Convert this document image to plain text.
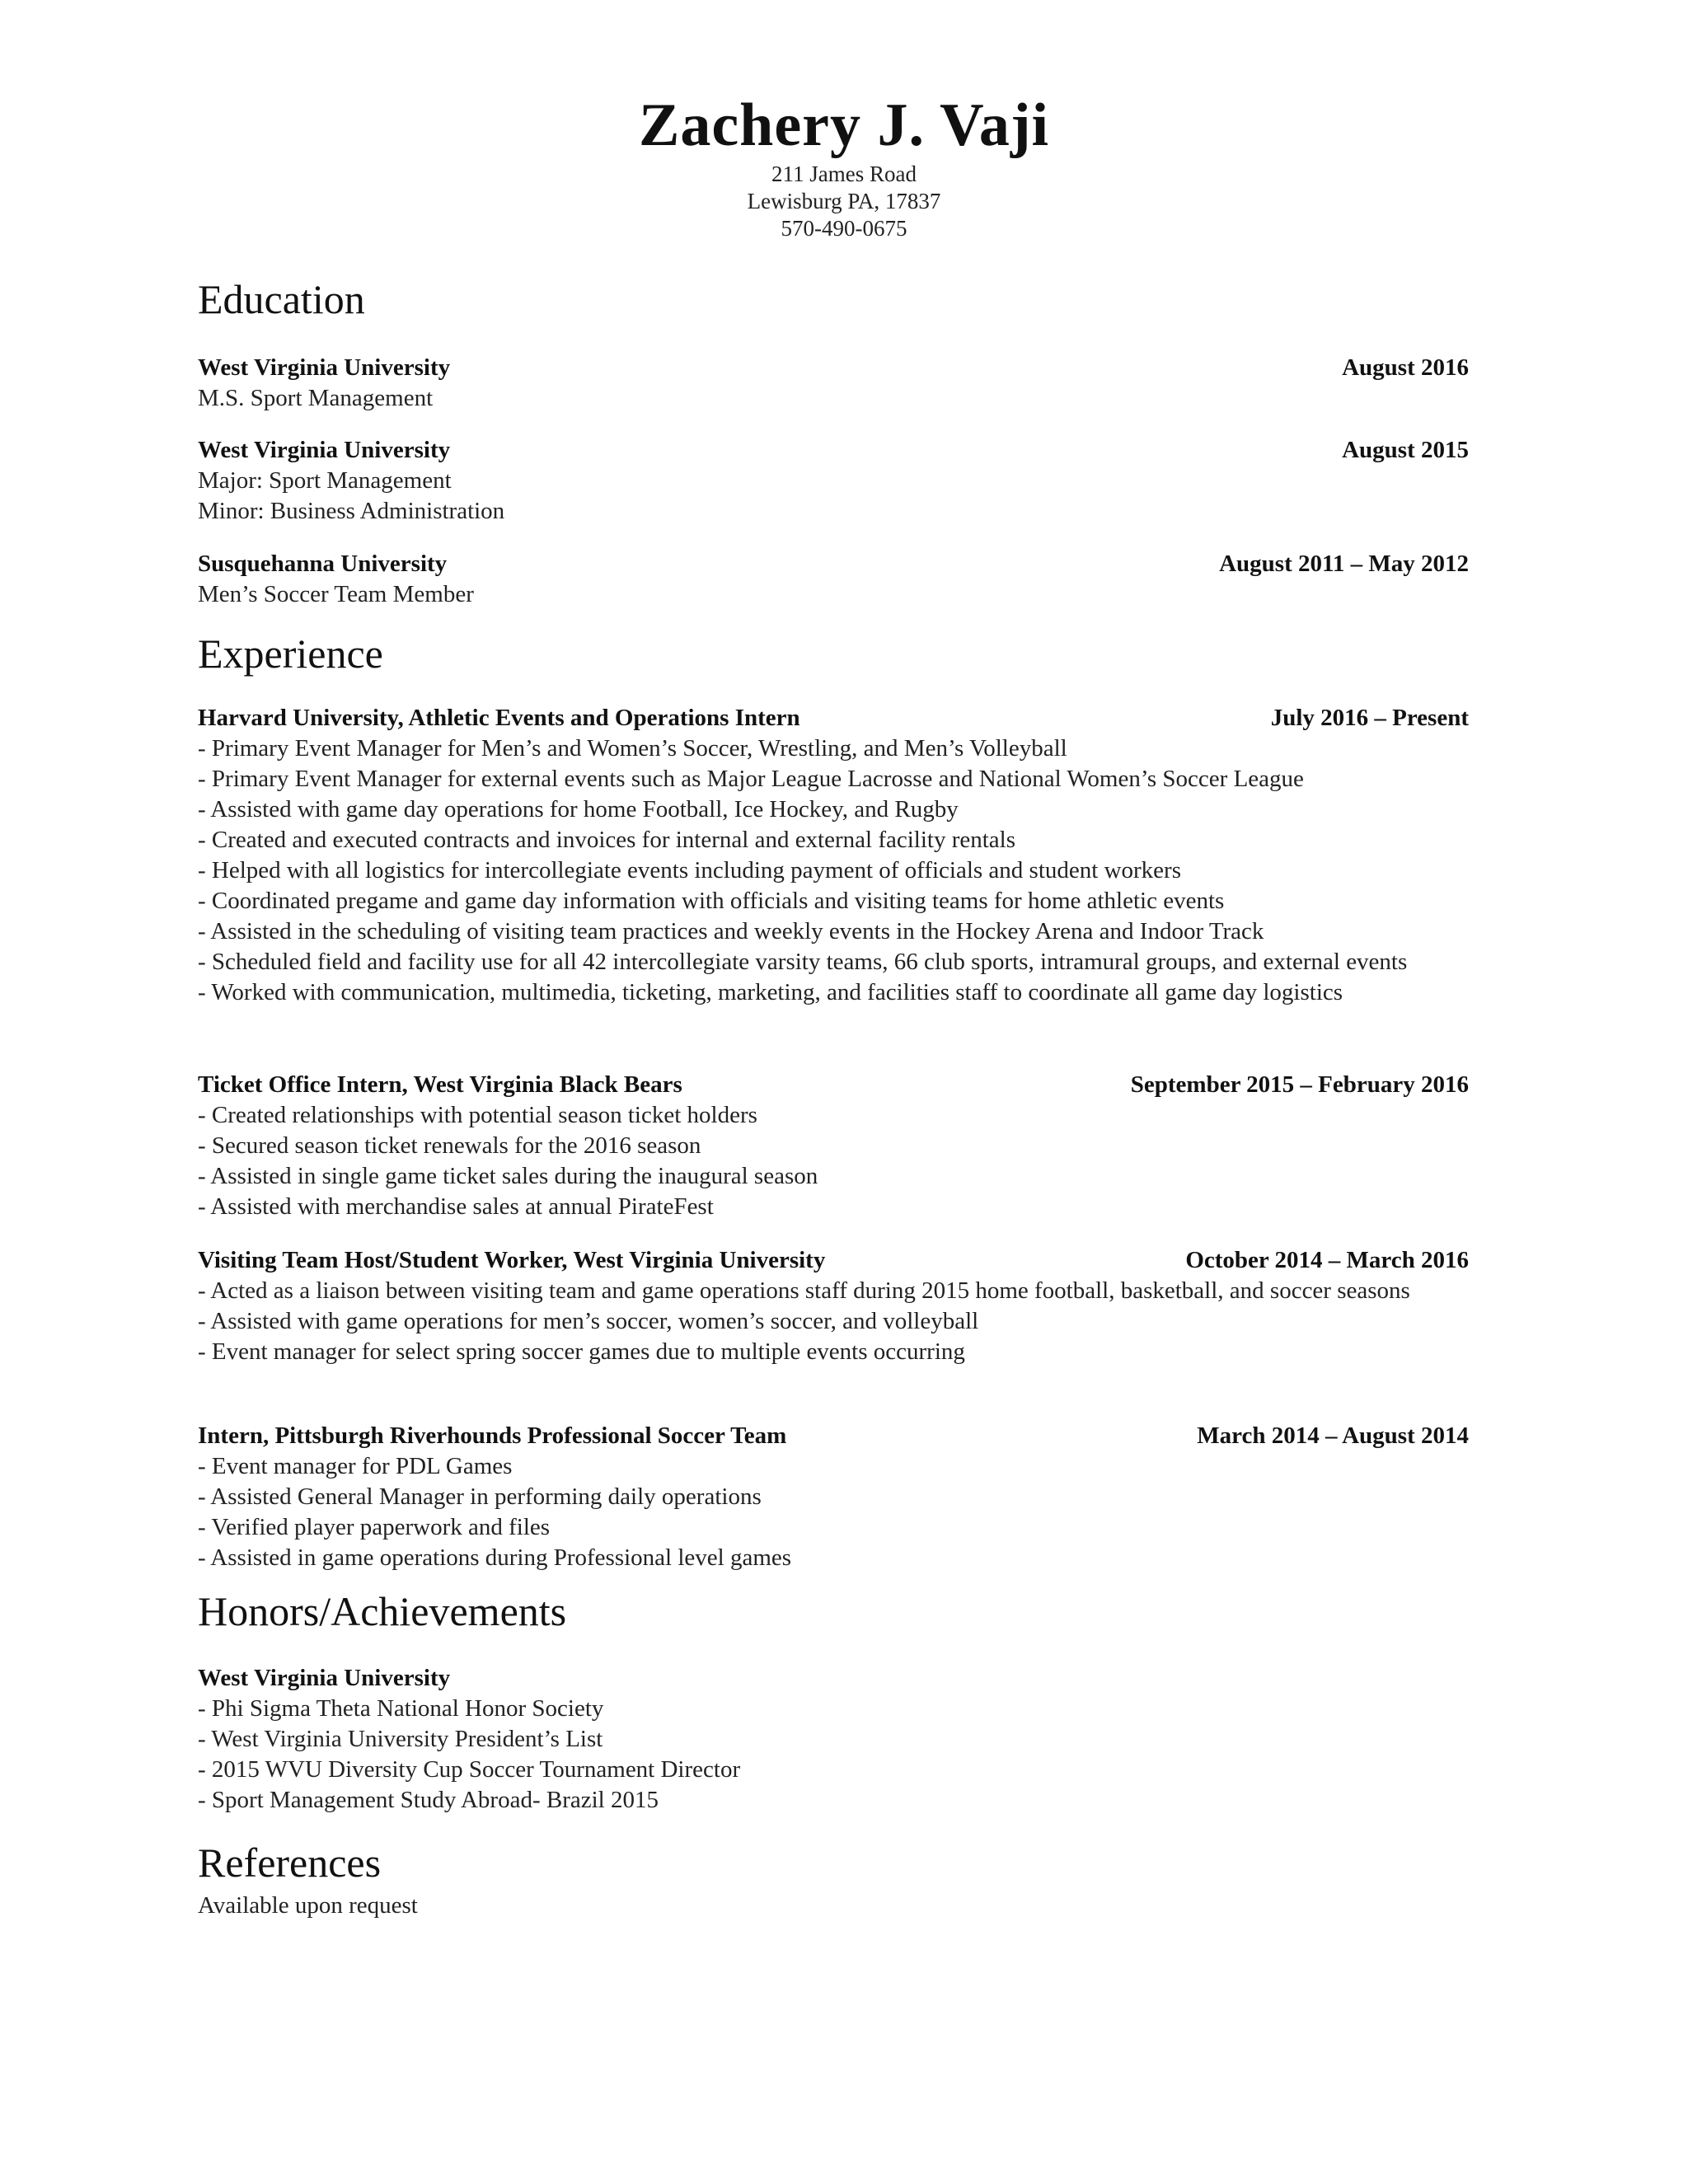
Zachery J. Vaji
211 James Road
Lewisburg PA, 17837
570-490-0675
Education
West Virginia University	August 2016
M.S. Sport Management
West Virginia University	August 2015
Major: Sport Management
Minor: Business Administration
Susquehanna University	August 2011 – May 2012
Men’s Soccer Team Member
Experience
Harvard University, Athletic Events and Operations Intern	July 2016 – Present
- Primary Event Manager for Men’s and Women’s Soccer, Wrestling, and Men’s Volleyball
- Primary Event Manager for external events such as Major League Lacrosse and National Women’s Soccer League
- Assisted with game day operations for home Football, Ice Hockey, and Rugby
- Created and executed contracts and invoices for internal and external facility rentals
- Helped with all logistics for intercollegiate events including payment of officials and student workers
- Coordinated pregame and game day information with officials and visiting teams for home athletic events
- Assisted in the scheduling of visiting team practices and weekly events in the Hockey Arena and Indoor Track
- Scheduled field and facility use for all 42 intercollegiate varsity teams, 66 club sports, intramural groups, and external events
- Worked with communication, multimedia, ticketing, marketing, and facilities staff to coordinate all game day logistics
Ticket Office Intern, West Virginia Black Bears	September 2015 – February 2016
- Created relationships with potential season ticket holders
- Secured season ticket renewals for the 2016 season
- Assisted in single game ticket sales during the inaugural season
- Assisted with merchandise sales at annual PirateFest
Visiting Team Host/Student Worker, West Virginia University	October 2014 – March 2016
- Acted as a liaison between visiting team and game operations staff during 2015 home football, basketball, and soccer seasons
- Assisted with game operations for men’s soccer, women’s soccer, and volleyball
- Event manager for select spring soccer games due to multiple events occurring
Intern, Pittsburgh Riverhounds Professional Soccer Team	March 2014 – August 2014
- Event manager for PDL Games
- Assisted General Manager in performing daily operations
- Verified player paperwork and files
- Assisted in game operations during Professional level games
Honors/Achievements
West Virginia University
- Phi Sigma Theta National Honor Society
- West Virginia University President’s List
- 2015 WVU Diversity Cup Soccer Tournament Director
- Sport Management Study Abroad- Brazil 2015
References
Available upon request
